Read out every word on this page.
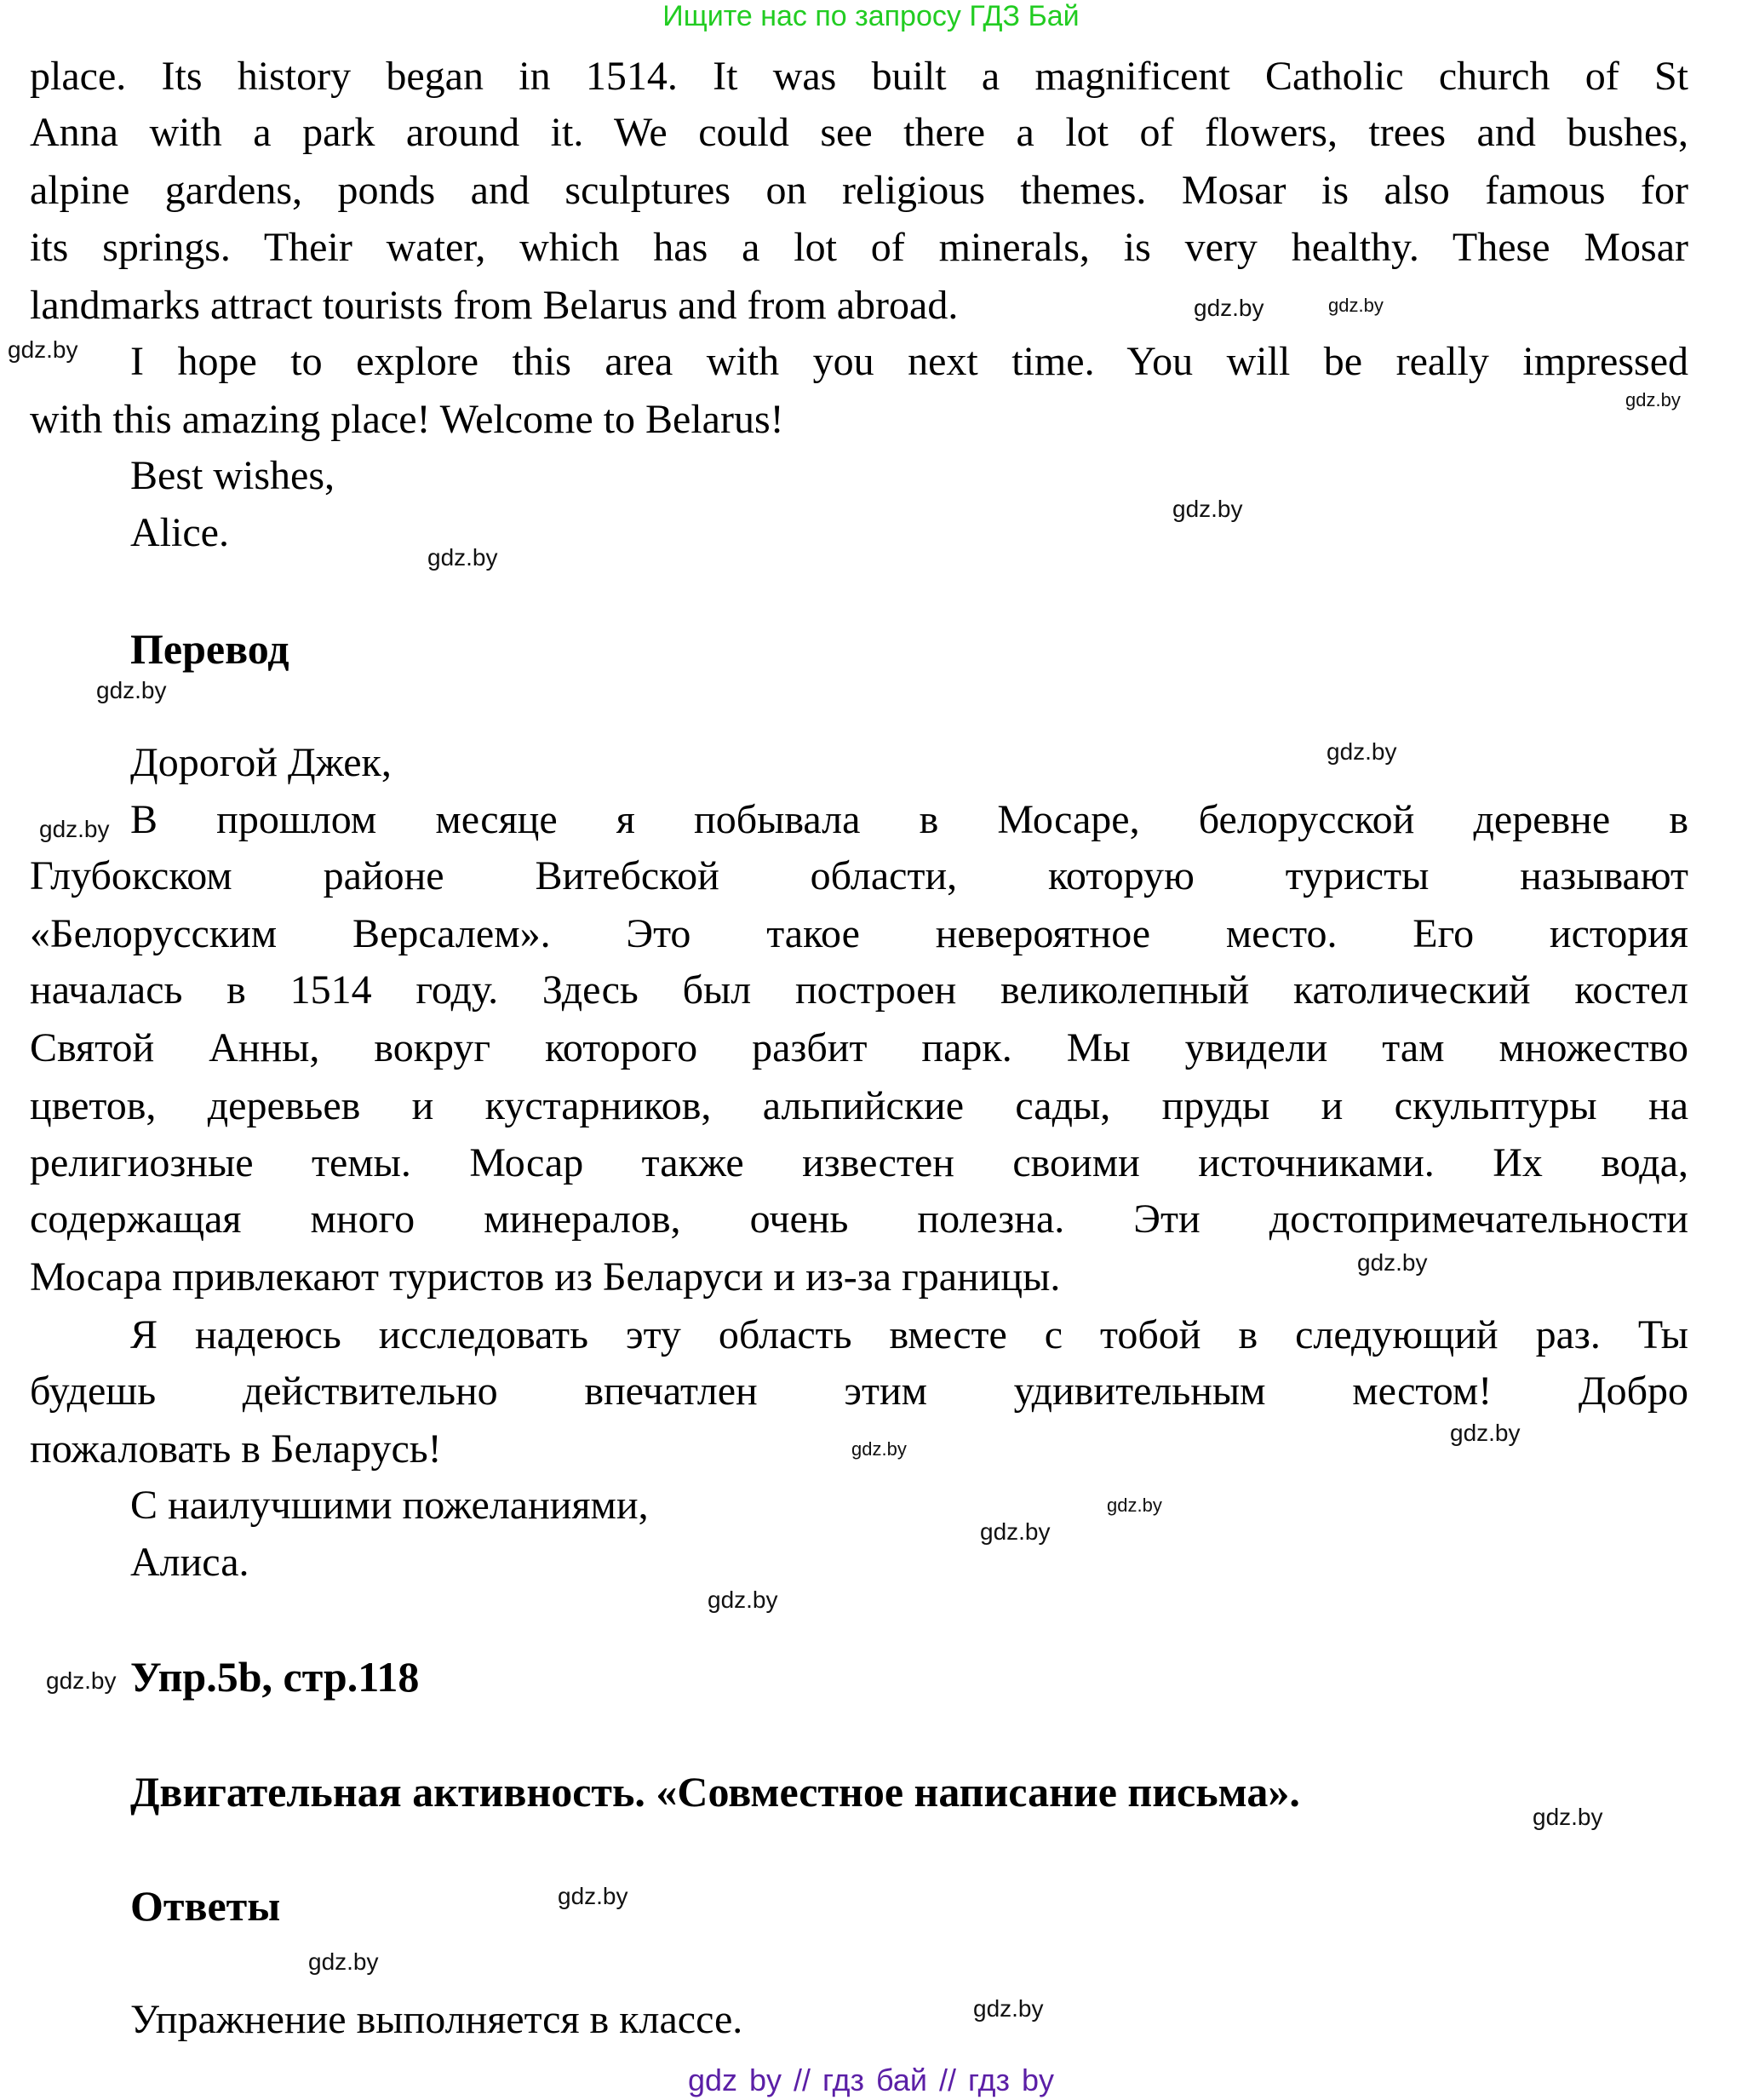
Ищите нас по запросу ГДЗ Бай
place. Its history began in 1514. It was built a magnificent Catholic church of St
Anna with a park around it. We could see there a lot of flowers, trees and bushes,
alpine gardens, ponds and sculptures on religious themes. Mosar is also famous for
its springs. Their water, which has a lot of minerals, is very healthy. These Mosar
landmarks attract tourists from Belarus and from abroad.
I hope to explore this area with you next time. You will be really impressed
with this amazing place! Welcome to Belarus!
Best wishes,
Alice.
Перевод
Дорогой Джек,
В прошлом месяце я побывала в Мосаре, белорусской деревне в
Глубокском районе Витебской области, которую туристы называют
«Белорусским Версалем». Это такое невероятное место. Его история
началась в 1514 году. Здесь был построен великолепный католический костел
Святой Анны, вокруг которого разбит парк. Мы увидели там множество
цветов, деревьев и кустарников, альпийские сады, пруды и скульптуры на
религиозные темы. Мосар также известен своими источниками. Их вода,
содержащая много минералов, очень полезна. Эти достопримечательности
Мосара привлекают туристов из Беларуси и из-за границы.
Я надеюсь исследовать эту область вместе с тобой в следующий раз. Ты
будешь действительно впечатлен этим удивительным местом! Добро
пожаловать в Беларусь!
С наилучшими пожеланиями,
Алиса.
Упр.5b, стр.118
Двигательная активность. «Совместное написание письма».
Ответы
Упражнение выполняется в классе.
gdz.by
gdz.by
gdz.by
gdz.by
gdz.by
gdz.by
gdz.by
gdz.by
gdz.by
gdz.by
gdz.by
gdz.by
gdz.by
gdz.by
gdz.by
gdz.by
gdz.by
gdz.by
gdz.by
gdz.by
gdz by // гдз бай // гдз by
